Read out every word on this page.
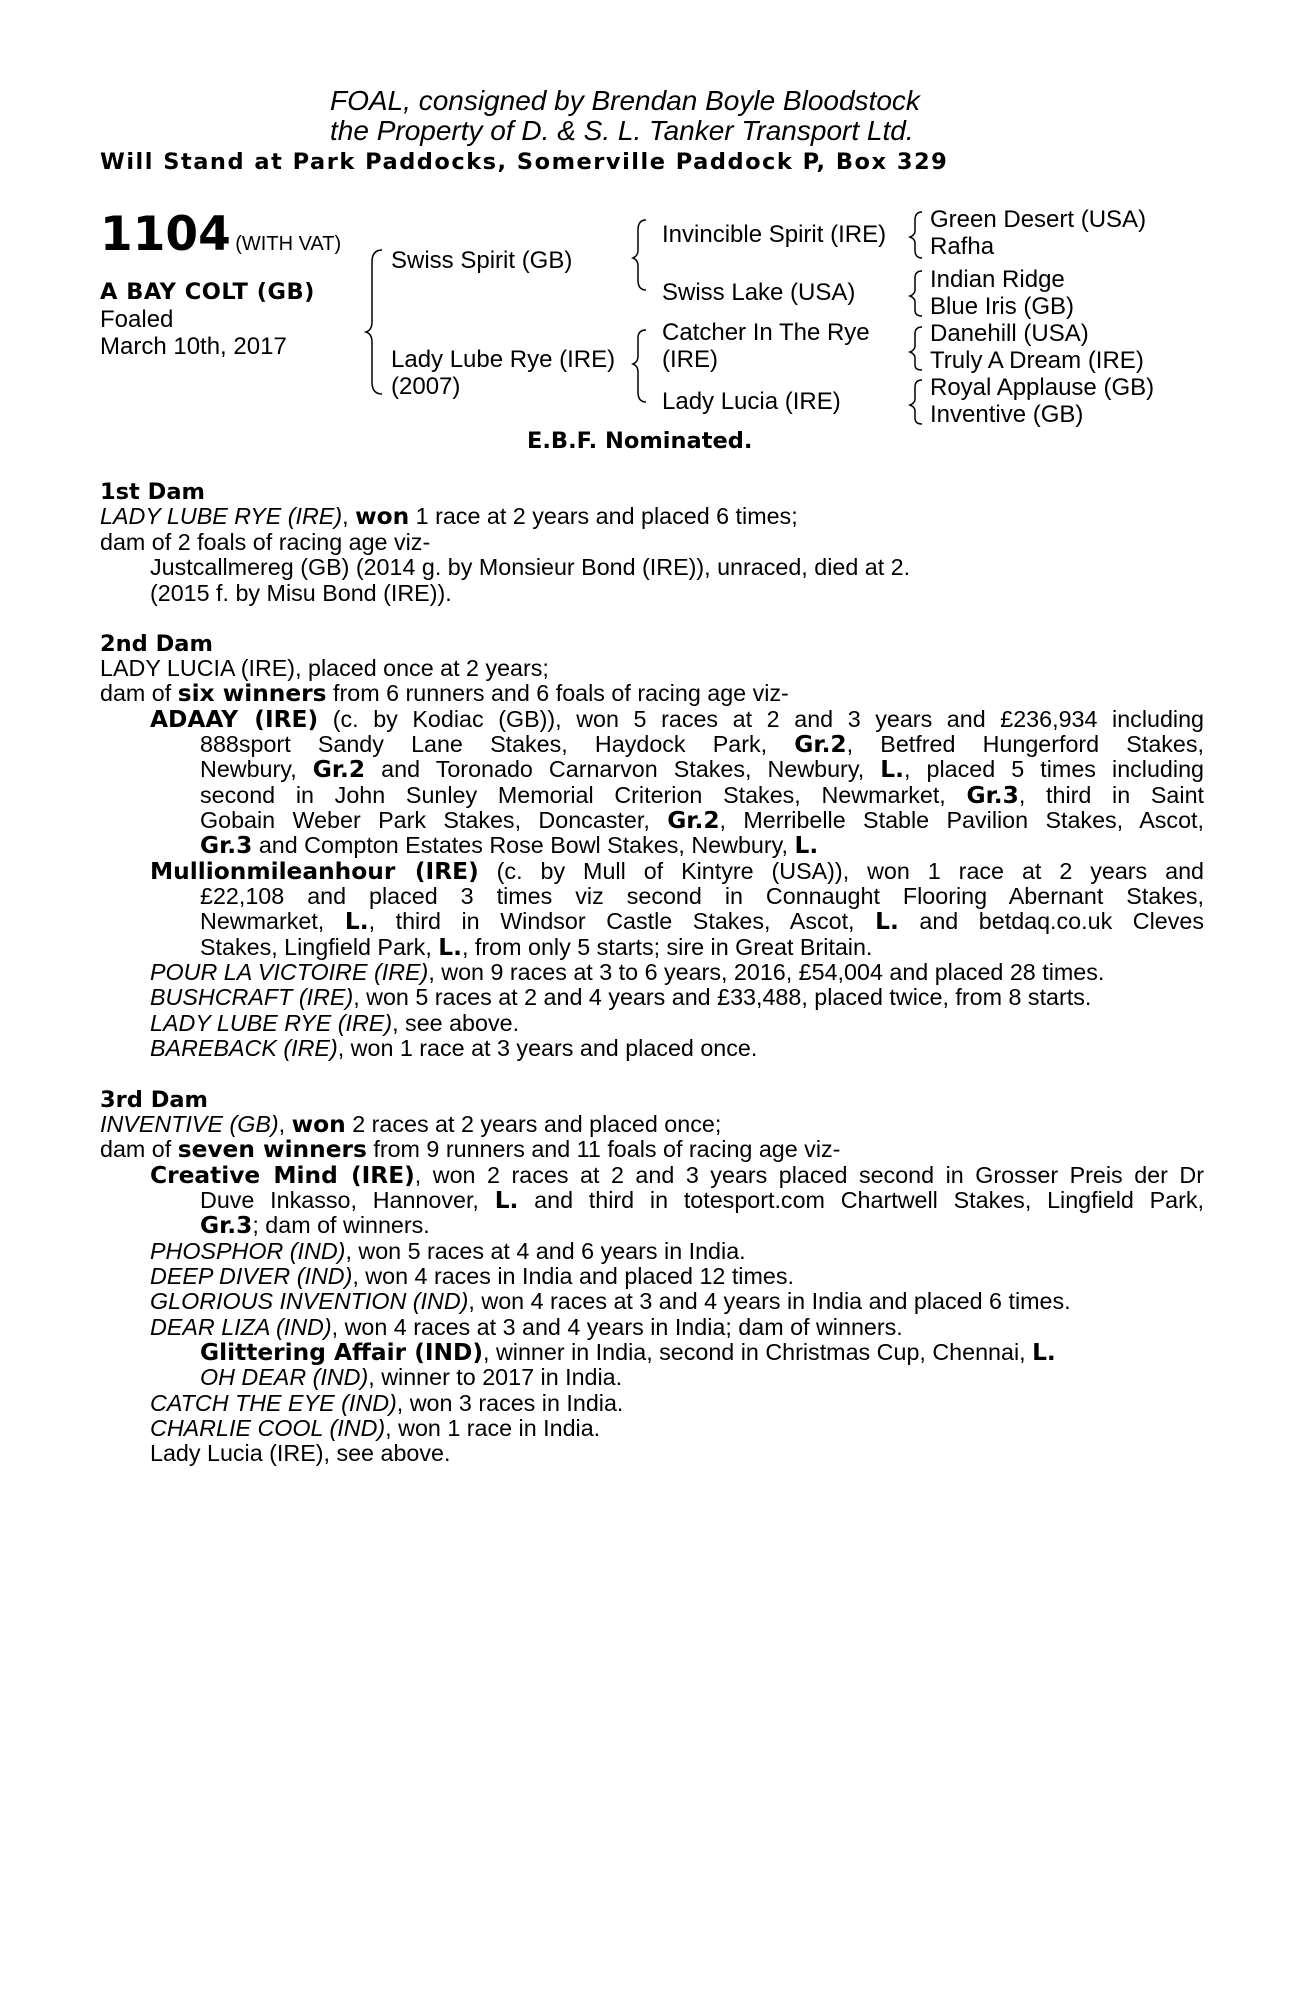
FOAL, consigned by Brendan Boyle Bloodstock
the Property of D. & S. L. Tanker Transport Ltd.
Will Stand at Park Paddocks, Somerville Paddock P, Box 329
1104 (WITH VAT)
A BAY COLT (GB)
Foaled
March 10th, 2017
Swiss Spirit (GB)
Lady Lube Rye (IRE)
(2007)
Invincible Spirit (IRE)
Swiss Lake (USA)
Catcher In The Rye
(IRE)
Lady Lucia (IRE)
Green Desert (USA)
Rafha
Indian Ridge
Blue Iris (GB)
Danehill (USA)
Truly A Dream (IRE)
Royal Applause (GB)
Inventive (GB)
E.B.F. Nominated.
1st Dam
LADY LUBE RYE (IRE), won 1 race at 2 years and placed 6 times;
dam of 2 foals of racing age viz-
Justcallmereg (GB) (2014 g. by Monsieur Bond (IRE)), unraced, died at 2.
(2015 f. by Misu Bond (IRE)).
2nd Dam
LADY LUCIA (IRE), placed once at 2 years;
dam of six winners from 6 runners and 6 foals of racing age viz-
ADAAY (IRE) (c. by Kodiac (GB)), won 5 races at 2 and 3 years and £236,934 including
888sport Sandy Lane Stakes, Haydock Park, Gr.2, Betfred Hungerford Stakes,
Newbury, Gr.2 and Toronado Carnarvon Stakes, Newbury, L., placed 5 times including
second in John Sunley Memorial Criterion Stakes, Newmarket, Gr.3, third in Saint
Gobain Weber Park Stakes, Doncaster, Gr.2, Merribelle Stable Pavilion Stakes, Ascot,
Gr.3 and Compton Estates Rose Bowl Stakes, Newbury, L.
Mullionmileanhour (IRE) (c. by Mull of Kintyre (USA)), won 1 race at 2 years and
£22,108 and placed 3 times viz second in Connaught Flooring Abernant Stakes,
Newmarket, L., third in Windsor Castle Stakes, Ascot, L. and betdaq.co.uk Cleves
Stakes, Lingfield Park, L., from only 5 starts; sire in Great Britain.
POUR LA VICTOIRE (IRE), won 9 races at 3 to 6 years, 2016, £54,004 and placed 28 times.
BUSHCRAFT (IRE), won 5 races at 2 and 4 years and £33,488, placed twice, from 8 starts.
LADY LUBE RYE (IRE), see above.
BAREBACK (IRE), won 1 race at 3 years and placed once.
3rd Dam
INVENTIVE (GB), won 2 races at 2 years and placed once;
dam of seven winners from 9 runners and 11 foals of racing age viz-
Creative Mind (IRE), won 2 races at 2 and 3 years placed second in Grosser Preis der Dr
Duve Inkasso, Hannover, L. and third in totesport.com Chartwell Stakes, Lingfield Park,
Gr.3; dam of winners.
PHOSPHOR (IND), won 5 races at 4 and 6 years in India.
DEEP DIVER (IND), won 4 races in India and placed 12 times.
GLORIOUS INVENTION (IND), won 4 races at 3 and 4 years in India and placed 6 times.
DEAR LIZA (IND), won 4 races at 3 and 4 years in India; dam of winners.
Glittering Affair (IND), winner in India, second in Christmas Cup, Chennai, L.
OH DEAR (IND), winner to 2017 in India.
CATCH THE EYE (IND), won 3 races in India.
CHARLIE COOL (IND), won 1 race in India.
Lady Lucia (IRE), see above.
